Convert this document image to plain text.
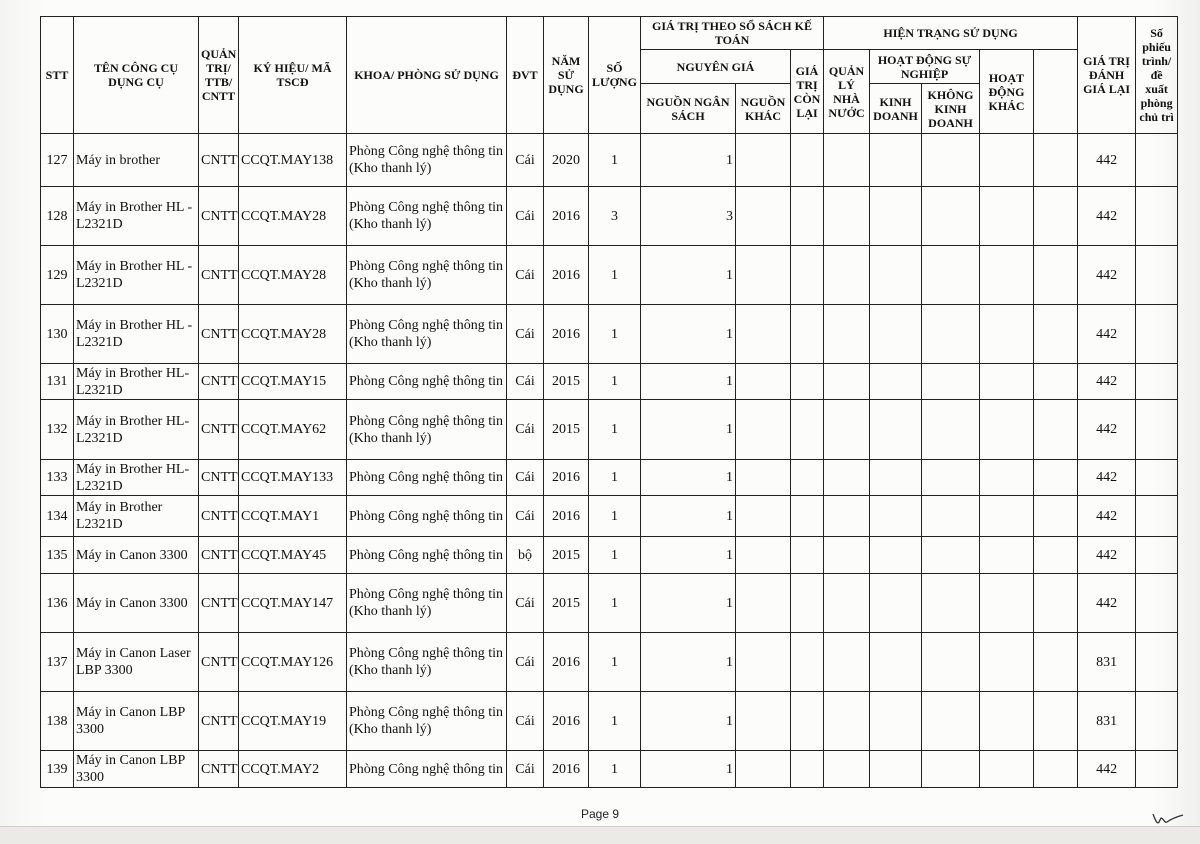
STT	TÊN CÔNG CỤ DỤNG CỤ	QUẢN TRỊ/ TTB/ CNTT	KÝ HIỆU/ MÃ TSCĐ	KHOA/ PHÒNG SỬ DỤNG	ĐVT	NĂM SỬ DỤNG	SỐ LƯỢNG	GIÁ TRỊ THEO SỔ SÁCH KẾ TOÁN			HIỆN TRẠNG SỬ DỤNG					GIÁ TRỊ ĐÁNH GIÁ LẠI	Số phiếu trình/ đề xuất phòng chủ trì	
								NGUYÊN GIÁ		GIÁ TRỊ CÒN LẠI	QUẢN LÝ NHÀ NƯỚC	HOẠT ĐỘNG SỰ NGHIỆP		HOẠT ĐỘNG KHÁC				
								NGUỒN NGÂN SÁCH	NGUỒN KHÁC			KINH DOANH	KHÔNG KINH DOANH					
127	Máy in brother	CNTT	CCQT.MAY138	Phòng Công nghệ thông tin (Kho thanh lý)	Cái	2020	1	1								442		
128	Máy in Brother HL - L2321D	CNTT	CCQT.MAY28	Phòng Công nghệ thông tin (Kho thanh lý)	Cái	2016	3	3								442		
129	Máy in Brother HL - L2321D	CNTT	CCQT.MAY28	Phòng Công nghệ thông tin (Kho thanh lý)	Cái	2016	1	1								442		
130	Máy in Brother HL - L2321D	CNTT	CCQT.MAY28	Phòng Công nghệ thông tin (Kho thanh lý)	Cái	2016	1	1								442		
131	Máy in Brother HL-L2321D	CNTT	CCQT.MAY15	Phòng Công nghệ thông tin	Cái	2015	1	1								442		
132	Máy in Brother HL-L2321D	CNTT	CCQT.MAY62	Phòng Công nghệ thông tin (Kho thanh lý)	Cái	2015	1	1								442		
133	Máy in Brother HL-L2321D	CNTT	CCQT.MAY133	Phòng Công nghệ thông tin	Cái	2016	1	1								442		
134	Máy in Brother L2321D	CNTT	CCQT.MAY1	Phòng Công nghệ thông tin	Cái	2016	1	1								442		
135	Máy in Canon 3300	CNTT	CCQT.MAY45	Phòng Công nghệ thông tin	bộ	2015	1	1								442		
136	Máy in Canon 3300	CNTT	CCQT.MAY147	Phòng Công nghệ thông tin (Kho thanh lý)	Cái	2015	1	1								442		
137	Máy in Canon Laser LBP 3300	CNTT	CCQT.MAY126	Phòng Công nghệ thông tin (Kho thanh lý)	Cái	2016	1	1								831		
138	Máy in Canon LBP 3300	CNTT	CCQT.MAY19	Phòng Công nghệ thông tin (Kho thanh lý)	Cái	2016	1	1								831		
139	Máy in Canon LBP 3300	CNTT	CCQT.MAY2	Phòng Công nghệ thông tin	Cái	2016	1	1								442		
Page 9
